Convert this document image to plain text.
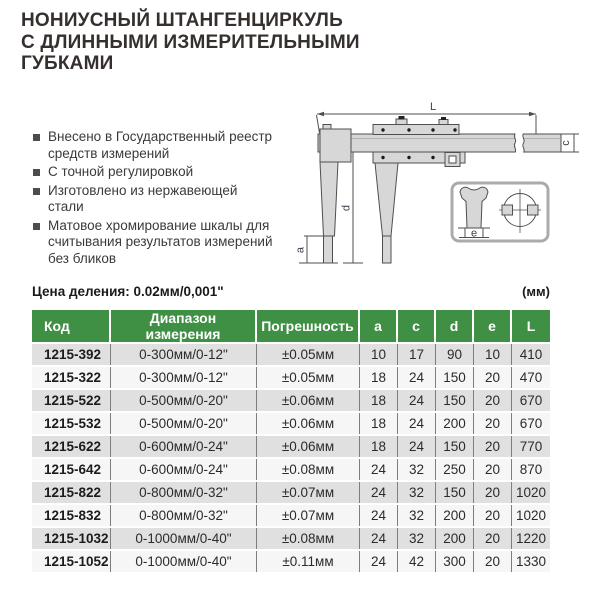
НОНИУСНЫЙ ШТАНГЕНЦИРКУЛЬ
С ДЛИННЫМИ ИЗМЕРИТЕЛЬНЫМИ
ГУБКАМИ
Внесено в Государственный реестр средств измерений
С точной регулировкой
Изготовлено из нержавеющей стали
Матовое хромирование шкалы для считывания результатов измерений без бликов
L
c
d
a
e
Цена деления: 0.02мм/0,001"	(мм)
Код	Диапазон измерения	Погрешность	a	c	d	e	L
1215-392	0-300мм/0-12"	±0.05мм	10	17	90	10	410
1215-322	0-300мм/0-12"	±0.05мм	18	24	150	20	470
1215-522	0-500мм/0-20"	±0.06мм	18	24	150	20	670
1215-532	0-500мм/0-20"	±0.06мм	18	24	200	20	670
1215-622	0-600мм/0-24"	±0.06мм	18	24	150	20	770
1215-642	0-600мм/0-24"	±0.08мм	24	32	250	20	870
1215-822	0-800мм/0-32"	±0.07мм	24	32	150	20	1020
1215-832	0-800мм/0-32"	±0.07мм	24	32	200	20	1020
1215-1032	0-1000мм/0-40"	±0.08мм	24	32	200	20	1220
1215-1052	0-1000мм/0-40"	±0.11мм	24	42	300	20	1330
